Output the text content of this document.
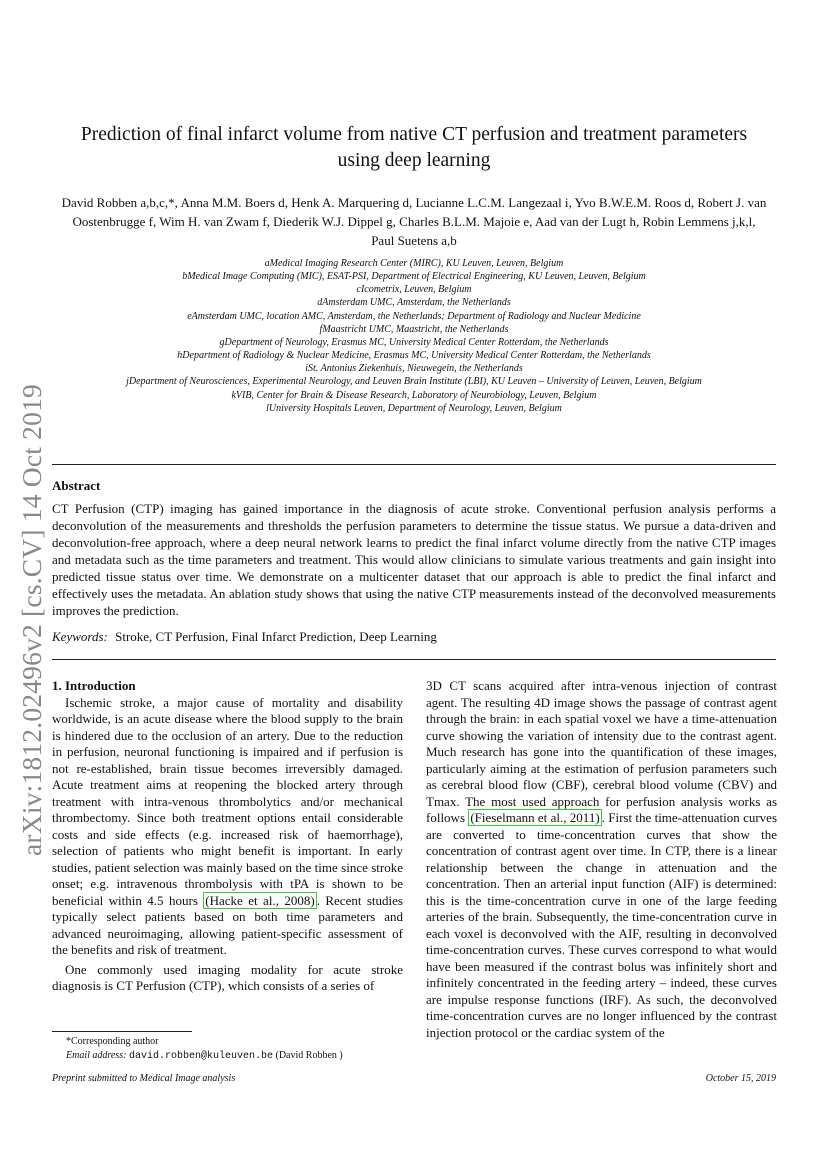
arXiv:1812.02496v2 [cs.CV] 14 Oct 2019
Prediction of final infarct volume from native CT perfusion and treatment parameters
using deep learning
David Robben a,b,c,*, Anna M.M. Boers d, Henk A. Marquering d, Lucianne L.C.M. Langezaal i, Yvo B.W.E.M. Roos d, Robert J. van
Oostenbrugge f, Wim H. van Zwam f, Diederik W.J. Dippel g, Charles B.L.M. Majoie e, Aad van der Lugt h, Robin Lemmens j,k,l,
Paul Suetens a,b
aMedical Imaging Research Center (MIRC), KU Leuven, Leuven, Belgium
bMedical Image Computing (MIC), ESAT-PSI, Department of Electrical Engineering, KU Leuven, Leuven, Belgium
cIcometrix, Leuven, Belgium
dAmsterdam UMC, Amsterdam, the Netherlands
eAmsterdam UMC, location AMC, Amsterdam, the Netherlands; Department of Radiology and Nuclear Medicine
fMaastricht UMC, Maastricht, the Netherlands
gDepartment of Neurology, Erasmus MC, University Medical Center Rotterdam, the Netherlands
hDepartment of Radiology & Nuclear Medicine, Erasmus MC, University Medical Center Rotterdam, the Netherlands
iSt. Antonius Ziekenhuis, Nieuwegein, the Netherlands
jDepartment of Neurosciences, Experimental Neurology, and Leuven Brain Institute (LBI), KU Leuven – University of Leuven, Leuven, Belgium
kVIB, Center for Brain & Disease Research, Laboratory of Neurobiology, Leuven, Belgium
lUniversity Hospitals Leuven, Department of Neurology, Leuven, Belgium
Abstract
CT Perfusion (CTP) imaging has gained importance in the diagnosis of acute stroke. Conventional perfusion analysis performs a deconvolution of the measurements and thresholds the perfusion parameters to determine the tissue status. We pursue a data-driven and deconvolution-free approach, where a deep neural network learns to predict the final infarct volume directly from the native CTP images and metadata such as the time parameters and treatment. This would allow clinicians to simulate various treatments and gain insight into predicted tissue status over time. We demonstrate on a multicenter dataset that our approach is able to predict the final infarct and effectively uses the metadata. An ablation study shows that using the native CTP measurements instead of the deconvolved measurements improves the prediction.
Keywords: Stroke, CT Perfusion, Final Infarct Prediction, Deep Learning

1. Introduction

Ischemic stroke, a major cause of mortality and disability worldwide, is an acute disease where the blood supply to the brain is hindered due to the occlusion of an artery. Due to the reduction in perfusion, neuronal functioning is impaired and if perfusion is not re-established, brain tissue becomes irreversibly damaged. Acute treatment aims at reopening the blocked artery through treatment with intra-venous thrombolytics and/or mechanical thrombectomy. Since both treatment options entail considerable costs and side effects (e.g. increased risk of haemorrhage), selection of patients who might benefit is important. In early studies, patient selection was mainly based on the time since stroke onset; e.g. intravenous thrombolysis with tPA is shown to be beneficial within 4.5 hours (Hacke et al., 2008) . Recent studies typically select patients based on both time parameters and advanced neuroimaging, allowing patient-specific assessment of the benefits and risk of treatment.

One commonly used imaging modality for acute stroke diagnosis is CT Perfusion (CTP), which consists of a series of

3D CT scans acquired after intra-venous injection of contrast agent. The resulting 4D image shows the passage of contrast agent through the brain: in each spatial voxel we have a time-attenuation curve showing the variation of intensity due to the contrast agent. Much research has gone into the quantification of these images, particularly aiming at the estimation of perfusion parameters such as cerebral blood flow (CBF), cerebral blood volume (CBV) and Tmax. The most used approach for perfusion analysis works as follows (Fieselmann et al., 2011) . First the time-attenuation curves are converted to time-concentration curves that show the concentration of contrast agent over time. In CTP, there is a linear relationship between the change in attenuation and the concentration. Then an arterial input function (AIF) is determined: this is the time-concentration curve in one of the large feeding arteries of the brain. Subsequently, the time-concentration curve in each voxel is deconvolved with the AIF, resulting in deconvolved time-concentration curves. These curves correspond to what would have been measured if the contrast bolus was infinitely short and infinitely concentrated in the feeding artery – indeed, these curves are impulse response functions (IRF). As such, the deconvolved time-concentration curves are no longer influenced by the contrast injection protocol or the cardiac system of the

*Corresponding author
Email address: david.robben@kuleuven.be (David Robben )
Preprint submitted to Medical Image analysis	October 15, 2019
